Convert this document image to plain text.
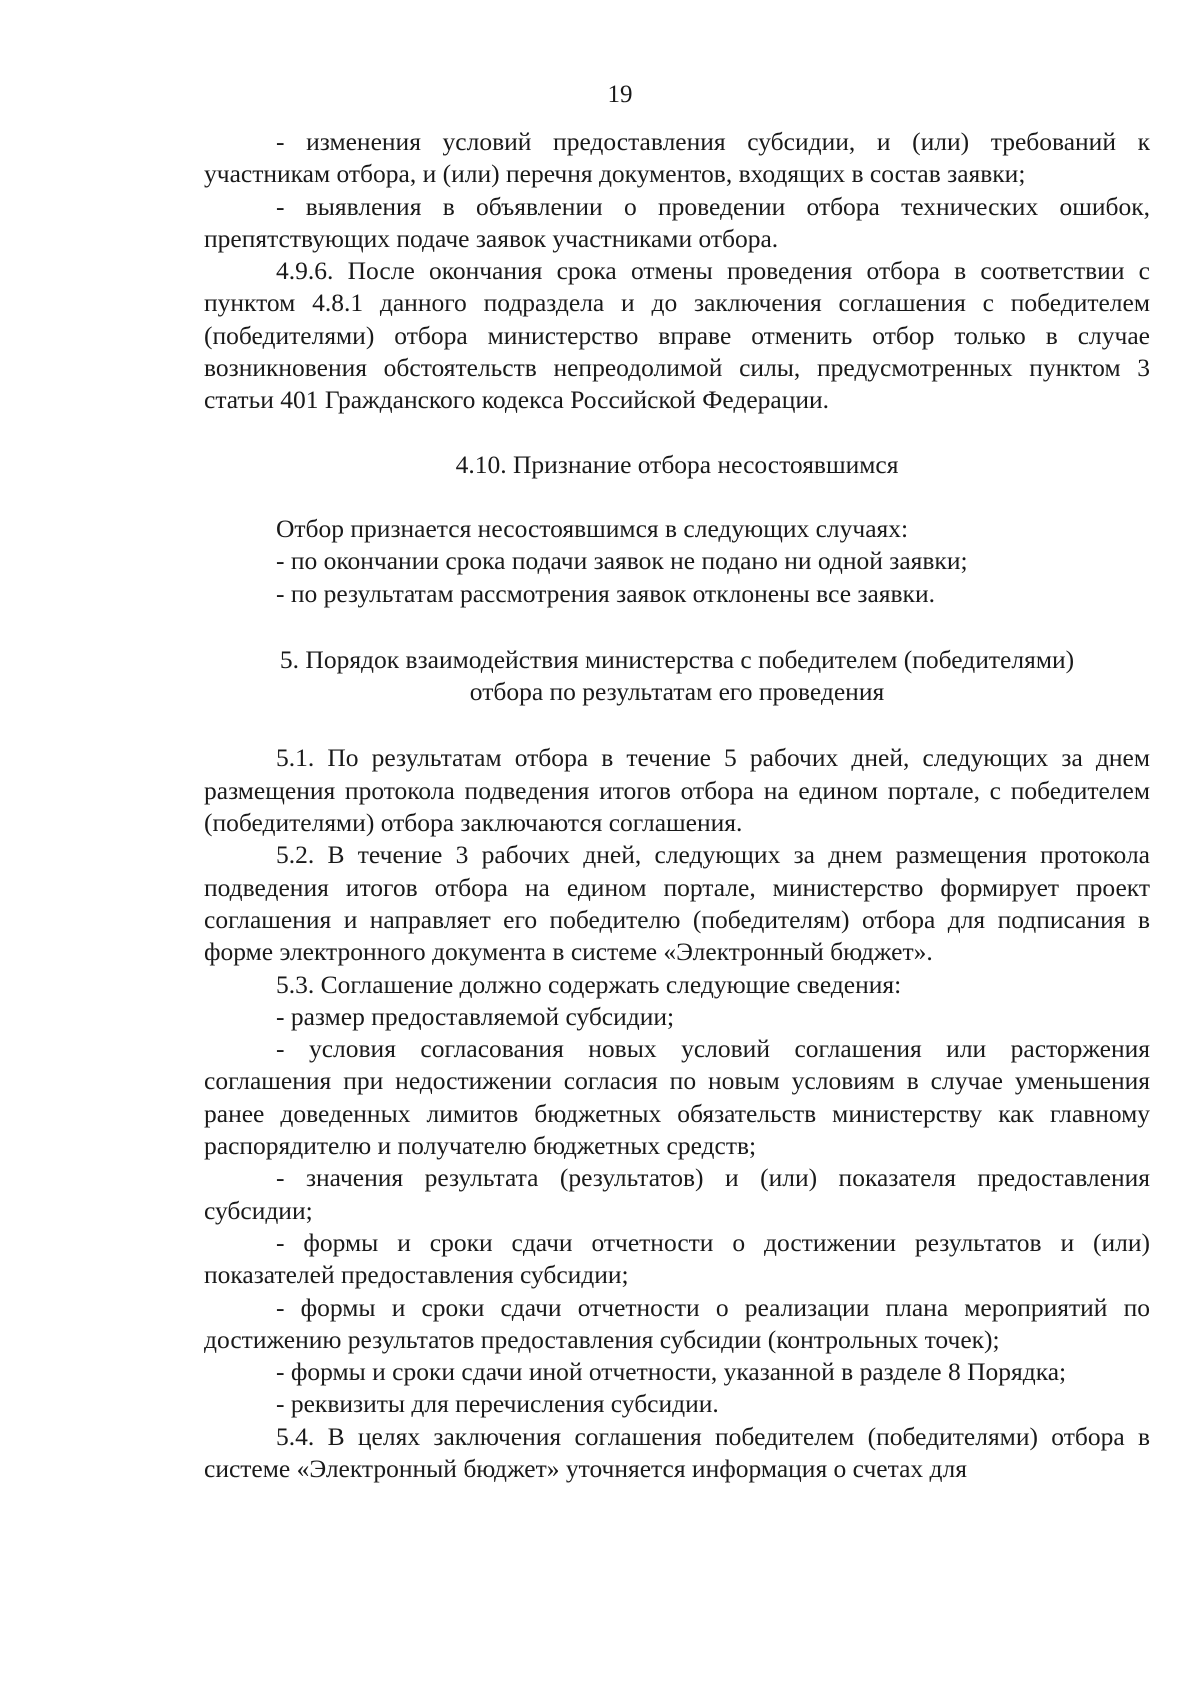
19

- изменения условий предоставления субсидии, и (или) требований к участникам отбора, и (или) перечня документов, входящих в состав заявки;

- выявления в объявлении о проведении отбора технических ошибок, препятствующих подаче заявок участниками отбора.

4.9.6. После окончания срока отмены проведения отбора в соответствии с пунктом 4.8.1 данного подраздела и до заключения соглашения с победителем (победителями) отбора министерство вправе отменить отбор только в случае возникновения обстоятельств непреодолимой силы, предусмотренных пунктом 3 статьи 401 Гражданского кодекса Российской Федерации.

4.10. Признание отбора несостоявшимся

Отбор признается несостоявшимся в следующих случаях:

- по окончании срока подачи заявок не подано ни одной заявки;

- по результатам рассмотрения заявок отклонены все заявки.

5. Порядок взаимодействия министерства с победителем (победителями)

отбора по результатам его проведения

5.1. По результатам отбора в течение 5 рабочих дней, следующих за днем размещения протокола подведения итогов отбора на едином портале, с победителем (победителями) отбора заключаются соглашения.

5.2. В течение 3 рабочих дней, следующих за днем размещения протокола подведения итогов отбора на едином портале, министерство формирует проект соглашения и направляет его победителю (победителям) отбора для подписания в форме электронного документа в системе «Электронный бюджет».

5.3. Соглашение должно содержать следующие сведения:

- размер предоставляемой субсидии;

- условия согласования новых условий соглашения или расторжения соглашения при недостижении согласия по новым условиям в случае уменьшения ранее доведенных лимитов бюджетных обязательств министерству как главному распорядителю и получателю бюджетных средств;

- значения результата (результатов) и (или) показателя предоставления субсидии;

- формы и сроки сдачи отчетности о достижении результатов и (или) показателей предоставления субсидии;

- формы и сроки сдачи отчетности о реализации плана мероприятий по достижению результатов предоставления субсидии (контрольных точек);

- формы и сроки сдачи иной отчетности, указанной в разделе 8 Порядка;

- реквизиты для перечисления субсидии.

5.4. В целях заключения соглашения победителем (победителями) отбора в системе «Электронный бюджет» уточняется информация о счетах для
